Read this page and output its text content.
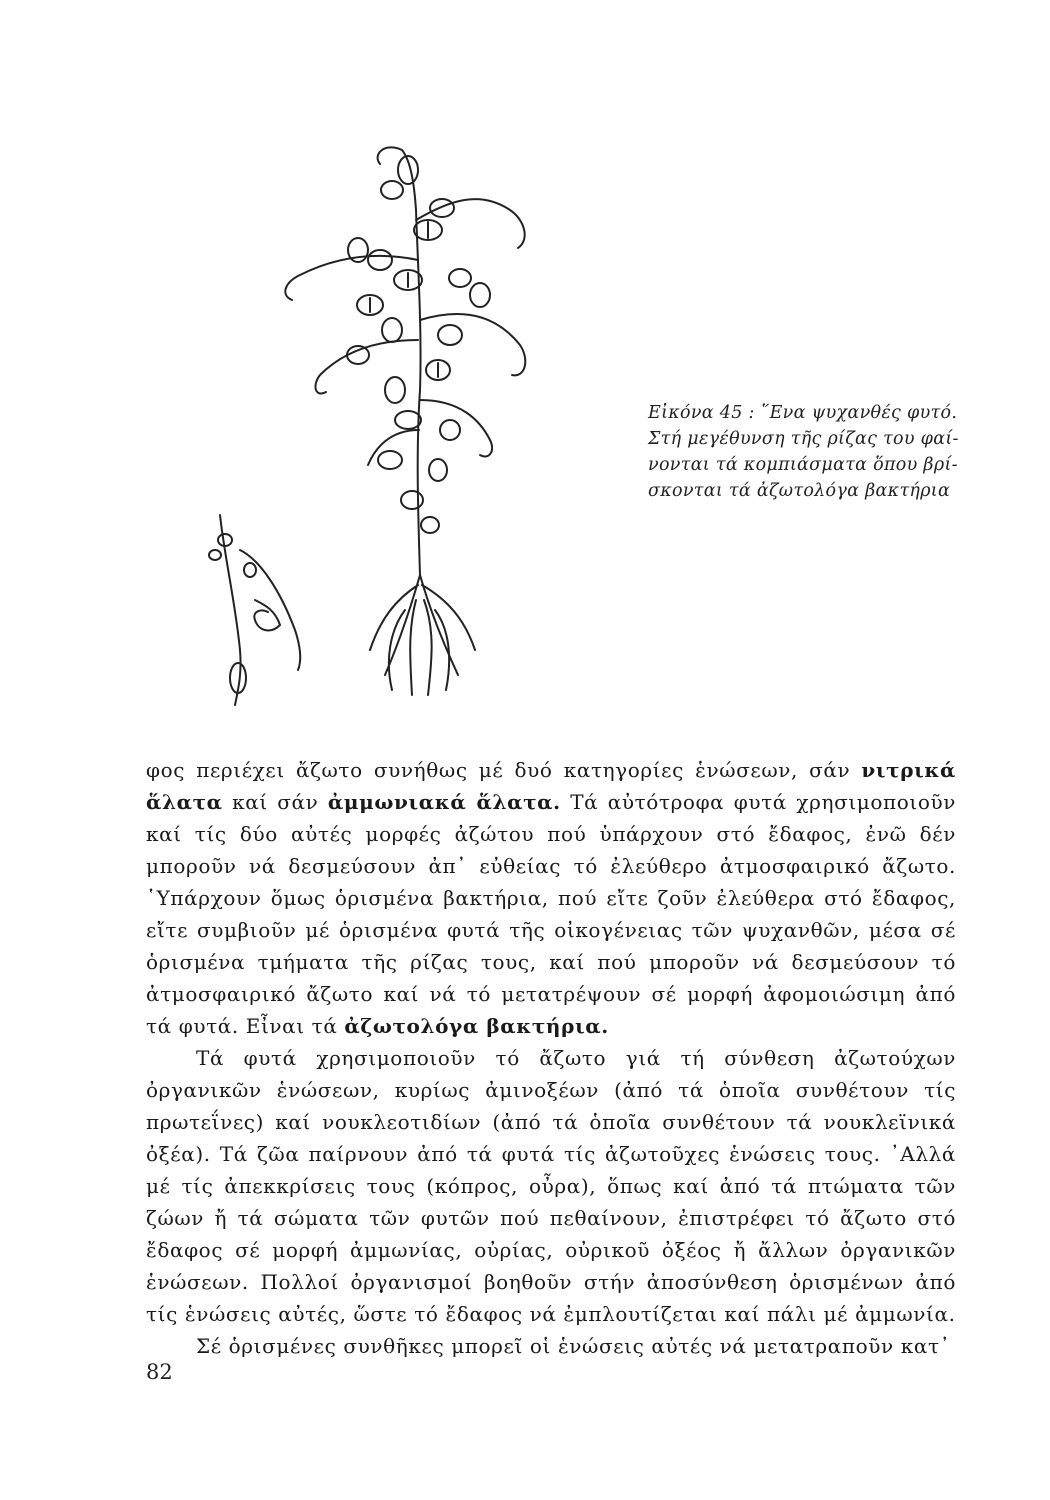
Εἰκόνα 45 : ῞Ενα ψυχανθές φυτό.
Στή μεγέθυνση τῆς ρίζας του φαί-
νονται τά κομπιάσματα ὅπου βρί-
σκονται τά ἀζωτολόγα βακτήρια

φος περιέχει ἄζωτο συνήθως μέ δυό κατηγορίες ἑνώσεων, σάν νιτρικά ἅλατα καί σάν ἀμμωνιακά ἅλατα. Τά αὐτότροφα φυτά χρησιμοποιοῦν καί τίς δύο αὐτές μορφές ἀζώτου πού ὑπάρχουν στό ἔδαφος, ἐνῶ δέν μποροῦν νά δεσμεύσουν ἀπ᾽ εὐθείας τό ἐλεύθερο ἀτμοσφαιρικό ἄζωτο. ῾Υπάρχουν ὅμως ὁρισμένα βακτήρια, πού εἴτε ζοῦν ἐλεύθερα στό ἔδαφος, εἴτε συμβιοῦν μέ ὁρισμένα φυτά τῆς οἰκογένειας τῶν ψυχανθῶν, μέσα σέ ὁρισμένα τμήματα τῆς ρίζας τους, καί πού μποροῦν νά δεσμεύσουν τό ἀτμοσφαιρικό ἄζωτο καί νά τό μετατρέψουν σέ μορφή ἀφομοιώσιμη ἀπό τά φυτά. Εἶναι τά ἀζωτολόγα βακτήρια.

Τά φυτά χρησιμοποιοῦν τό ἄζωτο γιά τή σύνθεση ἀζωτούχων ὀργανικῶν ἑνώσεων, κυρίως ἀμινοξέων (ἀπό τά ὁποῖα συνθέτουν τίς πρωτεΐνες) καί νουκλεοτιδίων (ἀπό τά ὁποῖα συνθέτουν τά νουκλεϊνικά ὀξέα). Τά ζῶα παίρνουν ἀπό τά φυτά τίς ἀζωτοῦχες ἑνώσεις τους. ᾽Αλλά μέ τίς ἀπεκκρίσεις τους (κόπρος, οὖρα), ὅπως καί ἀπό τά πτώματα τῶν ζώων ἤ τά σώματα τῶν φυτῶν πού πεθαίνουν, ἐπιστρέφει τό ἄζωτο στό ἔδαφος σέ μορφή ἀμμωνίας, οὐρίας, οὐρικοῦ ὀξέος ἤ ἄλλων ὀργανικῶν ἑνώσεων. Πολλοί ὀργανισμοί βοηθοῦν στήν ἀποσύνθεση ὁρισμένων ἀπό τίς ἑνώσεις αὐτές, ὥστε τό ἔδαφος νά ἐμπλουτίζεται καί πάλι μέ ἀμμωνία.

Σέ ὁρισμένες συνθῆκες μπορεῖ οἱ ἑνώσεις αὐτές νά μετατραποῦν κατ᾽

82
